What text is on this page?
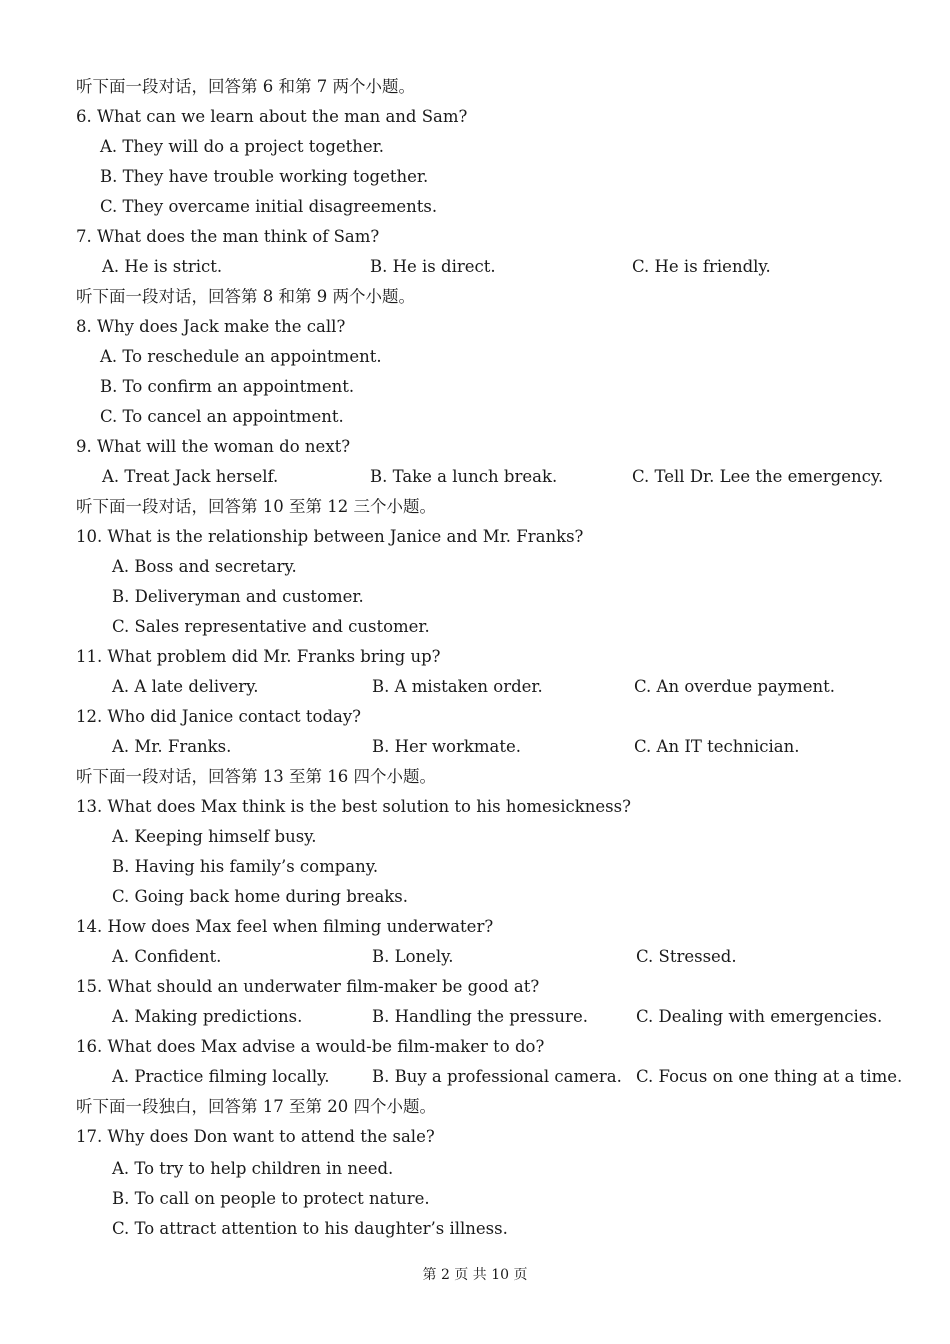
听下面一段对话，回答第 6 和第 7 两个小题。
6. What can we learn about the man and Sam?
A. They will do a project together.
B. They have trouble working together.
C. They overcame initial disagreements.
7. What does the man think of Sam?
A. He is strict.	B. He is direct.	C. He is friendly.
听下面一段对话，回答第 8 和第 9 两个小题。
8. Why does Jack make the call?
A. To reschedule an appointment.
B. To confirm an appointment.
C. To cancel an appointment.
9. What will the woman do next?
A. Treat Jack herself.	B. Take a lunch break.	C. Tell Dr. Lee the emergency.
听下面一段对话，回答第 10 至第 12 三个小题。
10. What is the relationship between Janice and Mr. Franks?
A. Boss and secretary.
B. Deliveryman and customer.
C. Sales representative and customer.
11. What problem did Mr. Franks bring up?
A. A late delivery.	B. A mistaken order.	C. An overdue payment.
12. Who did Janice contact today?
A. Mr. Franks.	B. Her workmate.	C. An IT technician.
听下面一段对话，回答第 13 至第 16 四个小题。
13. What does Max think is the best solution to his homesickness?
A. Keeping himself busy.
B. Having his family’s company.
C. Going back home during breaks.
14. How does Max feel when filming underwater?
A. Confident.	B. Lonely.	C. Stressed.
15. What should an underwater film-maker be good at?
A. Making predictions.	B. Handling the pressure.	C. Dealing with emergencies.
16. What does Max advise a would-be film-maker to do?
A. Practice filming locally.	B. Buy a professional camera. C. Focus on one thing at a time.
听下面一段独白，回答第 17 至第 20 四个小题。
17. Why does Don want to attend the sale?
A. To try to help children in need.
B. To call on people to protect nature.
C. To attract attention to his daughter’s illness.
第 2 页 共 10 页
